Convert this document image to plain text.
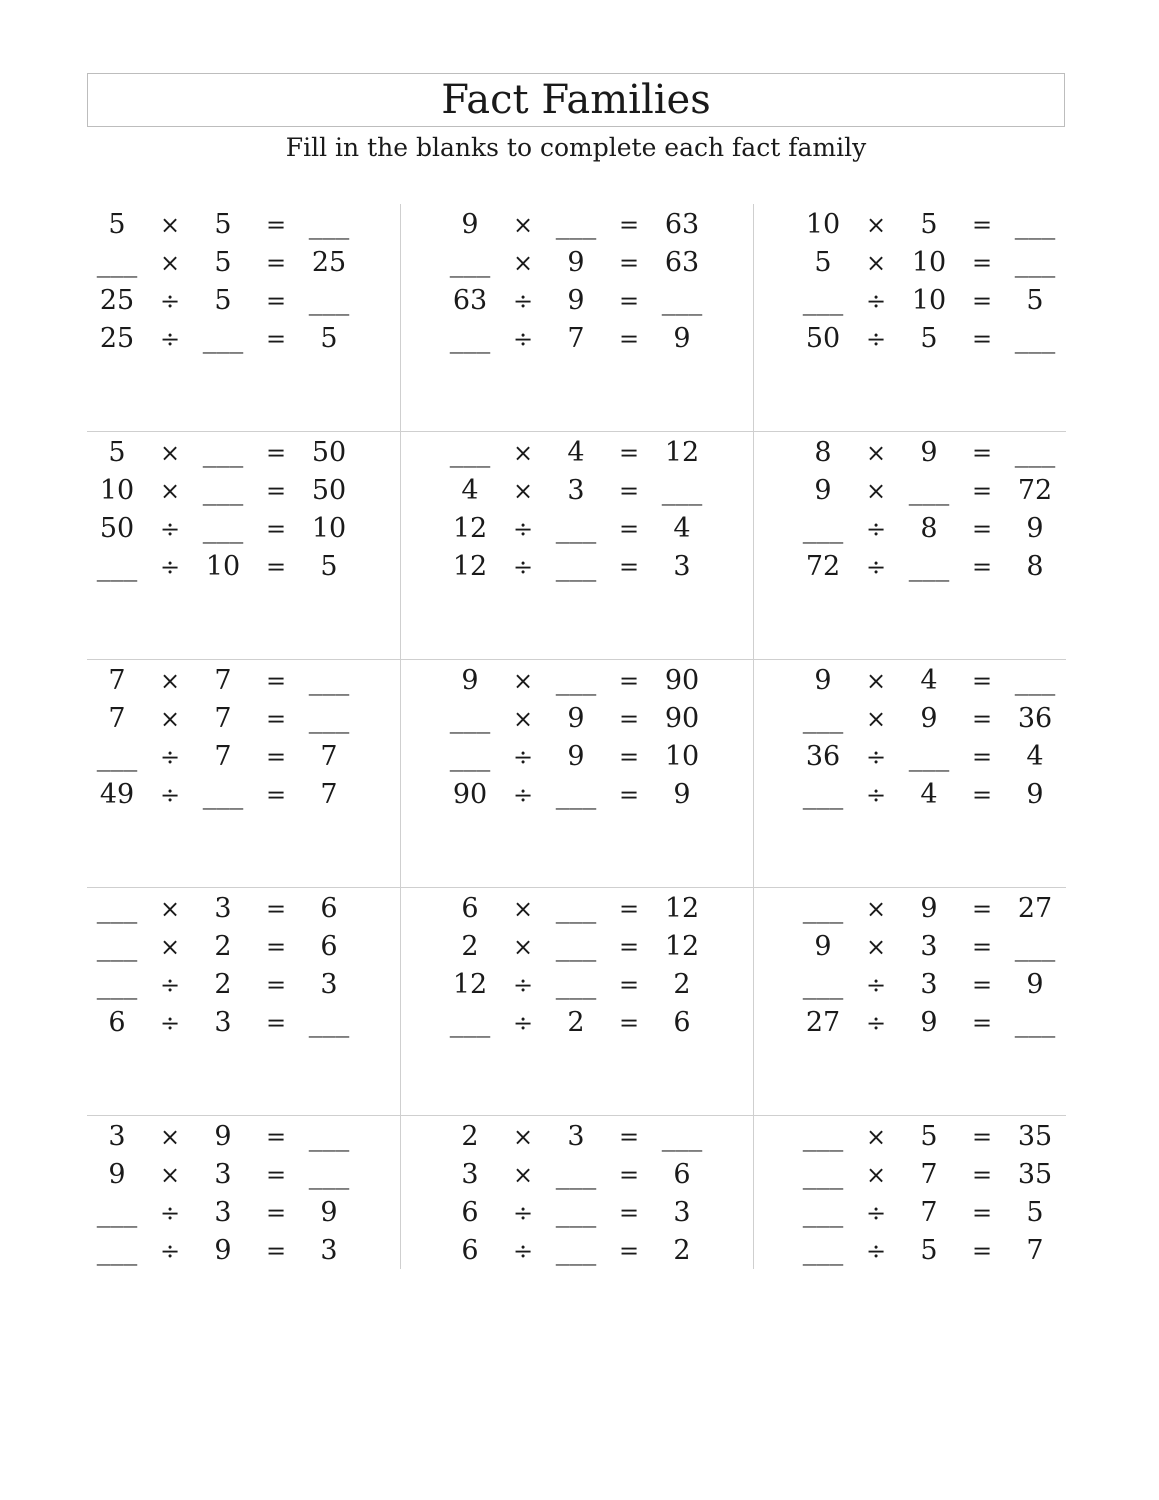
Fact Families
Fill in the blanks to complete each fact family
5	×	5	= ___
___ ×	5	= 25
25	÷	5	= ___
25	÷ ___ =	5
9	× ___ = 63
___ ×	9	= 63
63	÷	9	= ___
___ ÷	7	=	9
10	×	5	= ___
5	× 10	= ___
___ ÷ 10	=	5
50	÷	5	= ___
5	× ___ = 50
10	× ___ = 50
50	÷ ___ = 10
___ ÷ 10	=	5
___ ×	4	= 12
4	×	3	= ___
12	÷ ___ =	4
12	÷ ___ =	3
8	×	9	= ___
9	× ___ = 72
___ ÷	8	=	9
72	÷ ___ =	8
7	×	7	= ___
7	×	7	= ___
___ ÷	7	=	7
49	÷ ___ =	7
9	× ___ = 90
___ ×	9	= 90
___ ÷	9	= 10
90	÷ ___ =	9
9	×	4	= ___
___ ×	9	= 36
36	÷ ___ =	4
___ ÷	4	=	9
___ ×	3	=	6
___ ×	2	=	6
___ ÷	2	=	3
6	÷	3	= ___
6	× ___ = 12
2	× ___ = 12
12	÷ ___ =	2
___ ÷	2	=	6
___ ×	9	= 27
9	×	3	= ___
___ ÷	3	=	9
27	÷	9	= ___
3	×	9	= ___
9	×	3	= ___
___ ÷	3	=	9
___ ÷	9	=	3
2	×	3	= ___
3	× ___ =	6
6	÷ ___ =	3
6	÷ ___ =	2
___ ×	5	= 35
___ ×	7	= 35
___ ÷	7	=	5
___ ÷	5	=	7
